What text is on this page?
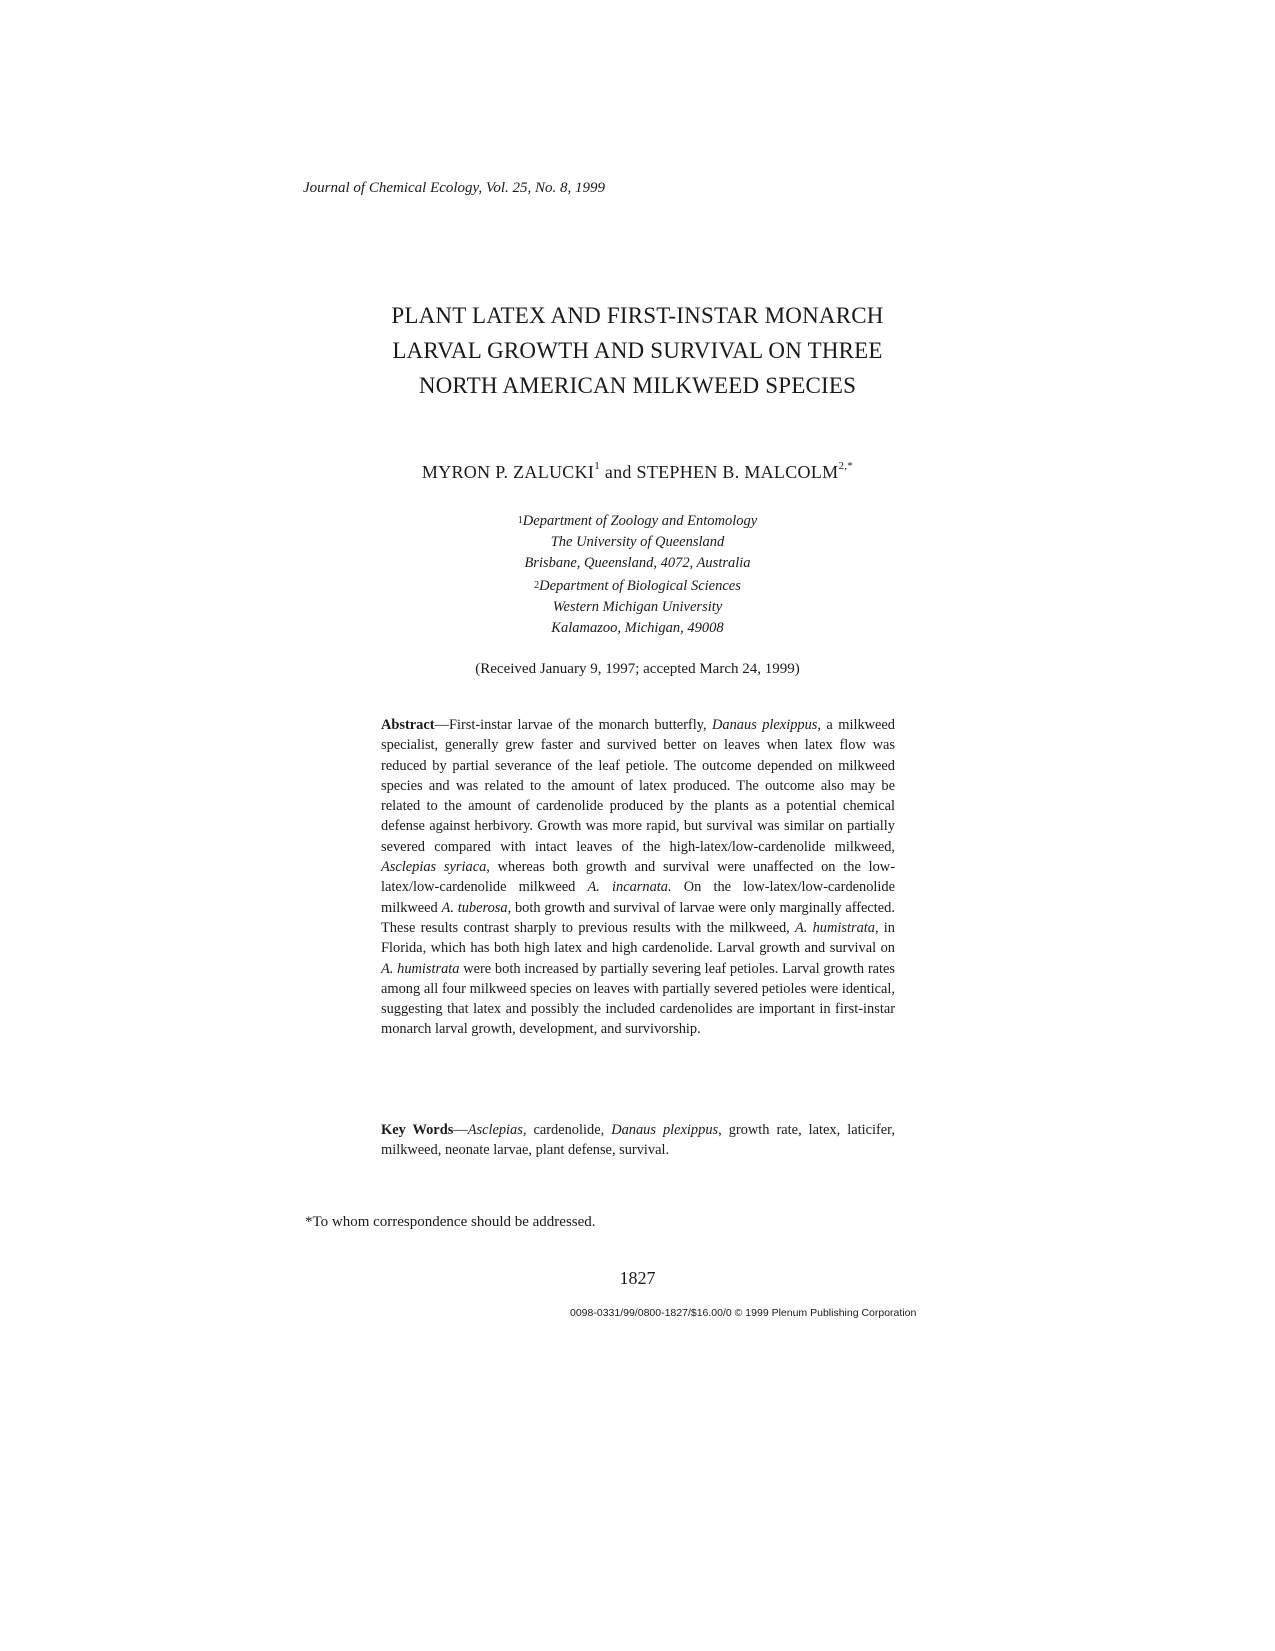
Journal of Chemical Ecology, Vol. 25, No. 8, 1999
PLANT LATEX AND FIRST-INSTAR MONARCH
LARVAL GROWTH AND SURVIVAL ON THREE
NORTH AMERICAN MILKWEED SPECIES
MYRON P. ZALUCKI$^1$ and STEPHEN B. $MALCOLM^{2,*}$
$^1$Department of Zoology and Entomology
The University of Queensland
Brisbane, Queensland, 4072, Australia
$^2$Department of Biological Sciences
Western Michigan University
Kalamazoo, Michigan, 49008
(Received January 9, 1997; accepted March 24, 1999)
Abstract—First-instar larvae of the monarch butterfly, Danaus plexippus, a milkweed specialist, generally grew faster and survived better on leaves when latex flow was reduced by partial severance of the leaf petiole. The outcome depended on milkweed species and was related to the amount of latex produced. The outcome also may be related to the amount of cardenolide produced by the plants as a potential chemical defense against herbivory. Growth was more rapid, but survival was similar on partially severed compared with intact leaves of the high-latex/low-cardenolide milkweed, Asclepias syriaca, whereas both growth and survival were unaffected on the low-latex/low-cardenolide milkweed A. incarnata. On the low-latex/low-cardenolide milkweed A. tuberosa, both growth and survival of larvae were only marginally affected. These results contrast sharply to previous results with the milkweed, A. humistrata, in Florida, which has both high latex and high cardenolide. Larval growth and survival on A. humistrata were both increased by partially severing leaf petioles. Larval growth rates among all four milkweed species on leaves with partially severed petioles were identical, suggesting that latex and possibly the included cardenolides are important in first-instar monarch larval growth, development, and survivorship.
Key Words—Asclepias, cardenolide, Danaus plexippus, growth rate, latex, laticifer, milkweed, neonate larvae, plant defense, survival.
*To whom correspondence should be addressed.
1827
0098-0331/99/0800-1827/$16.00/0 © 1999 Plenum Publishing Corporation
